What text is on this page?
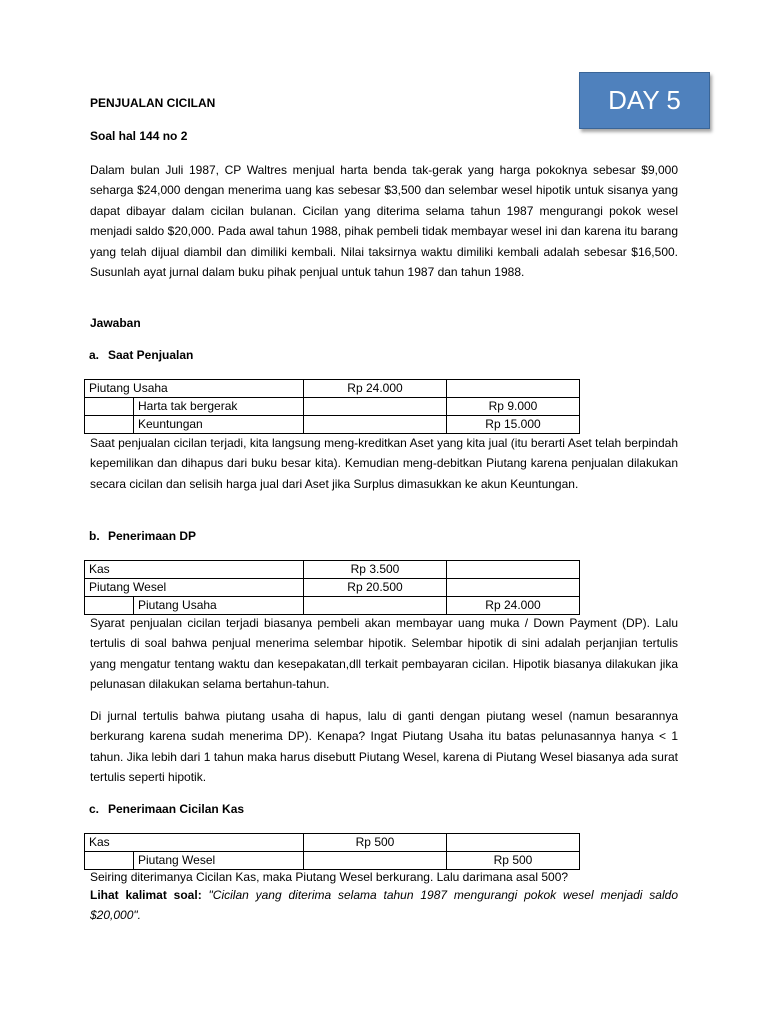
DAY 5
PENJUALAN CICILAN
Soal hal 144 no 2

Dalam bulan Juli 1987, CP Waltres menjual harta benda tak-gerak yang harga pokoknya sebesar $9,000 seharga $24,000 dengan menerima uang kas sebesar $3,500 dan selembar wesel hipotik untuk sisanya yang dapat dibayar dalam cicilan bulanan. Cicilan yang diterima selama tahun 1987 mengurangi pokok wesel menjadi saldo $20,000. Pada awal tahun 1988, pihak pembeli tidak membayar wesel ini dan karena itu barang yang telah dijual diambil dan dimiliki kembali. Nilai taksirnya waktu dimiliki kembali adalah sebesar $16,500. Susunlah ayat jurnal dalam buku pihak penjual untuk tahun 1987 dan tahun 1988.

Jawaban
a. Saat Penjualan
Piutang Usaha		Rp 24.000	
	Harta tak bergerak		Rp 9.000
	Keuntungan		Rp 15.000

Saat penjualan cicilan terjadi, kita langsung meng-kreditkan Aset yang kita jual (itu berarti Aset telah berpindah kepemilikan dan dihapus dari buku besar kita). Kemudian meng-debitkan Piutang karena penjualan dilakukan secara cicilan dan selisih harga jual dari Aset jika Surplus dimasukkan ke akun Keuntungan.

b. Penerimaan DP
Kas		Rp 3.500	
Piutang Wesel		Rp 20.500	
	Piutang Usaha		Rp 24.000

Syarat penjualan cicilan terjadi biasanya pembeli akan membayar uang muka / Down Payment (DP). Lalu tertulis di soal bahwa penjual menerima selembar hipotik. Selembar hipotik di sini adalah perjanjian tertulis yang mengatur tentang waktu dan kesepakatan,dll terkait pembayaran cicilan. Hipotik biasanya dilakukan jika pelunasan dilakukan selama bertahun-tahun.

Di jurnal tertulis bahwa piutang usaha di hapus, lalu di ganti dengan piutang wesel (namun besarannya berkurang karena sudah menerima DP). Kenapa? Ingat Piutang Usaha itu batas pelunasannya hanya < 1 tahun. Jika lebih dari 1 tahun maka harus disebutt Piutang Wesel, karena di Piutang Wesel biasanya ada surat tertulis seperti hipotik.

c. Penerimaan Cicilan Kas
Kas		Rp 500	
	Piutang Wesel		Rp 500

Seiring diterimanya Cicilan Kas, maka Piutang Wesel berkurang. Lalu darimana asal 500?

Lihat kalimat soal: "Cicilan yang diterima selama tahun 1987 mengurangi pokok wesel menjadi saldo $20,000".
